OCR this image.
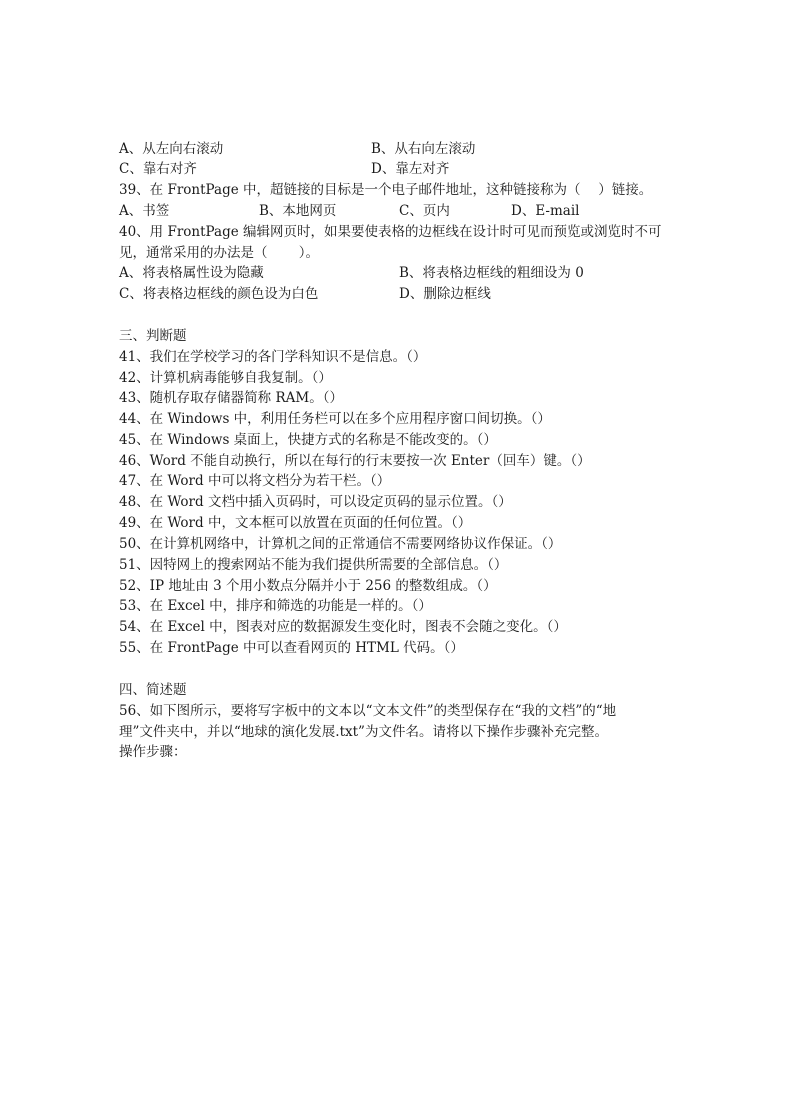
A、从左向右滚动	B、从右向左滚动
C、靠右对齐	D、靠左对齐
39、在 FrontPage 中，超链接的目标是一个电子邮件地址，这种链接称为（　 ）链接。
A、书签	B、本地网页	C、页内	D、E-mail
40、用 FrontPage 编辑网页时，如果要使表格的边框线在设计时可见而预览或浏览时不可
见，通常采用的办法是（　　 ）。
A、将表格属性设为隐藏	B、将表格边框线的粗细设为 0
C、将表格边框线的颜色设为白色	D、删除边框线
三、判断题
41、我们在学校学习的各门学科知识不是信息。（）
42、计算机病毒能够自我复制。（）
43、随机存取存储器简称 RAM。（）
44、在 Windows 中，利用任务栏可以在多个应用程序窗口间切换。（）
45、在 Windows 桌面上，快捷方式的名称是不能改变的。（）
46、Word 不能自动换行，所以在每行的行末要按一次 Enter（回车）键。（）
47、在 Word 中可以将文档分为若干栏。（）
48、在 Word 文档中插入页码时，可以设定页码的显示位置。（）
49、在 Word 中，文本框可以放置在页面的任何位置。（）
50、在计算机网络中，计算机之间的正常通信不需要网络协议作保证。（）
51、因特网上的搜索网站不能为我们提供所需要的全部信息。（）
52、IP 地址由 3 个用小数点分隔并小于 256 的整数组成。（）
53、在 Excel 中，排序和筛选的功能是一样的。（）
54、在 Excel 中，图表对应的数据源发生变化时，图表不会随之变化。（）
55、在 FrontPage 中可以查看网页的 HTML 代码。（）
四、简述题
56、如下图所示，要将写字板中的文本以“文本文件”的类型保存在“我的文档”的“地
理”文件夹中，并以“地球的演化发展.txt”为文件名。请将以下操作步骤补充完整。
操作步骤：
